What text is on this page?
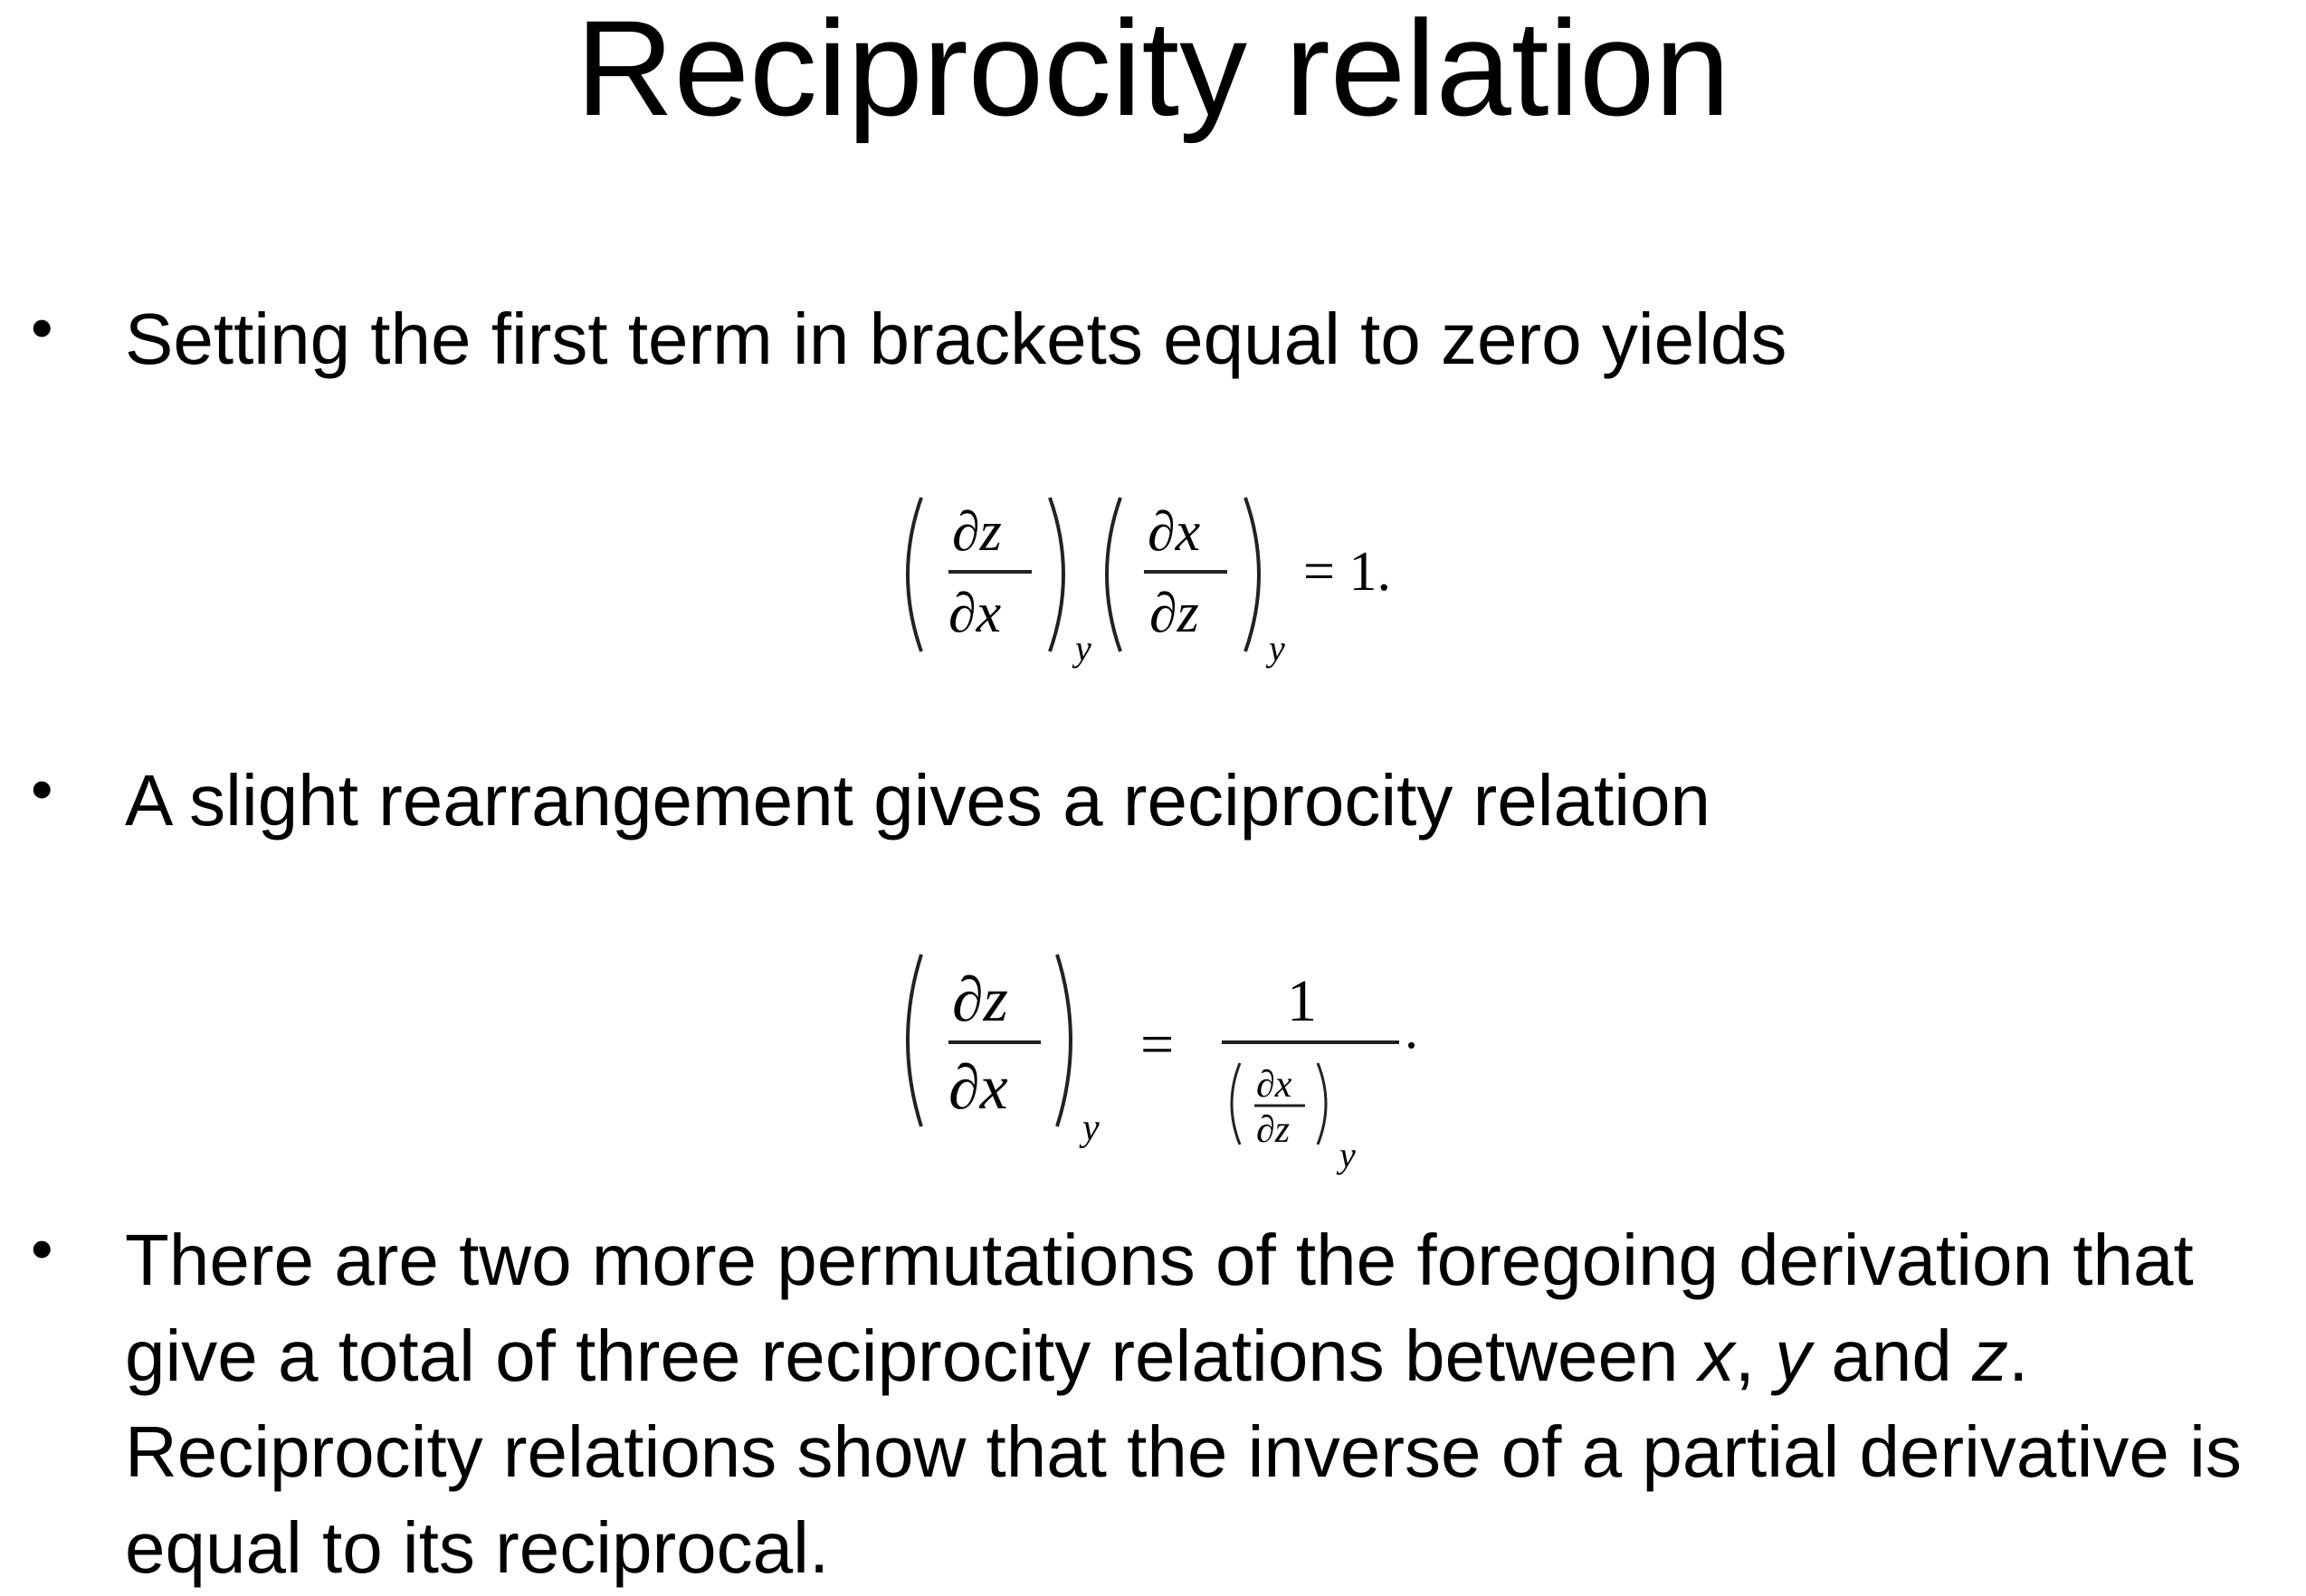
Reciprocity relation
• Setting the first term in brackets equal to zero yields
∂z
∂x
y
∂x
∂z
y
= 1.
• A slight rearrangement gives a reciprocity relation
∂z
∂x
y
=
1
∂x
∂z
y
.
• There are two more permutations of the foregoing derivation that give a total of three reciprocity relations between x, y and z. Reciprocity relations show that the inverse of a partial derivative is equal to its reciprocal.
